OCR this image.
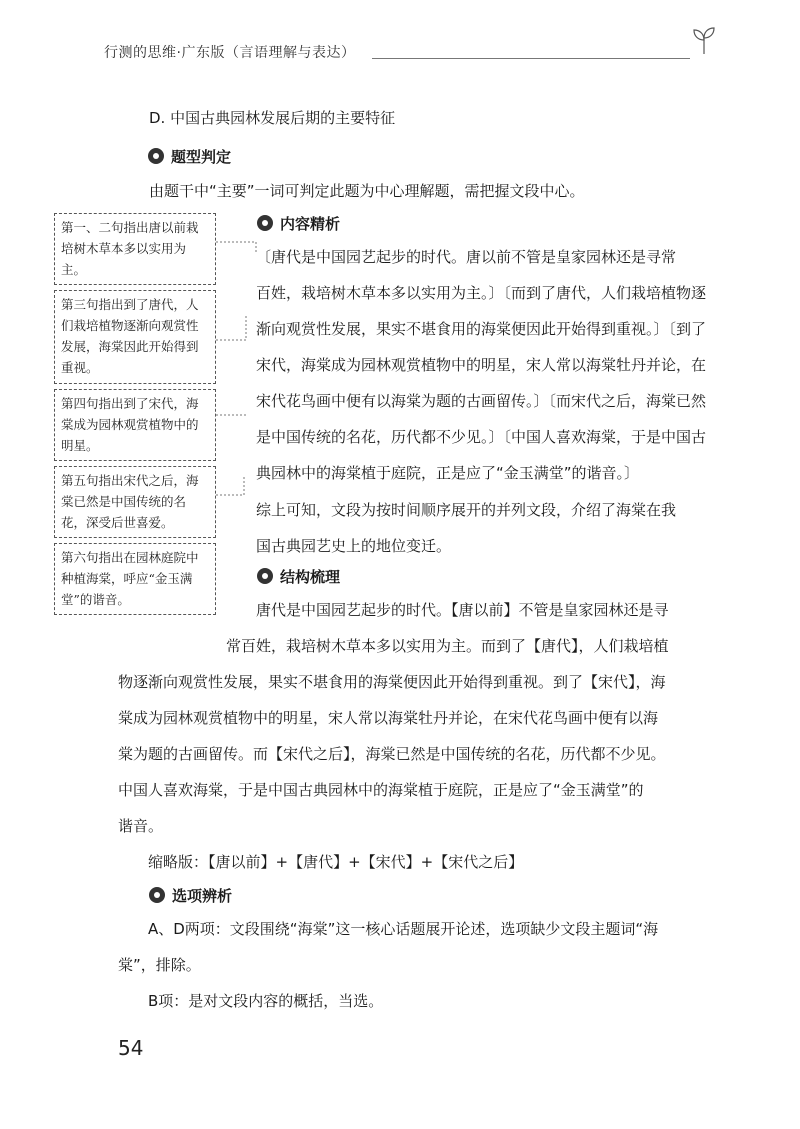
行测的思维·广东版（言语理解与表达）
D. 中国古典园林发展后期的主要特征
题型判定
由题干中“主要”一词可判定此题为中心理解题，需把握文段中心。
内容精析
〔唐代是中国园艺起步的时代。唐以前不管是皇家园林还是寻常
百姓，栽培树木草本多以实用为主。〕〔而到了唐代，人们栽培植物逐
渐向观赏性发展，果实不堪食用的海棠便因此开始得到重视。〕〔到了
宋代，海棠成为园林观赏植物中的明星，宋人常以海棠牡丹并论，在
宋代花鸟画中便有以海棠为题的古画留传。〕〔而宋代之后，海棠已然
是中国传统的名花，历代都不少见。〕〔中国人喜欢海棠，于是中国古
典园林中的海棠植于庭院，正是应了“金玉满堂”的谐音。〕
综上可知，文段为按时间顺序展开的并列文段，介绍了海棠在我
国古典园艺史上的地位变迁。
第一、二句指出唐以前栽培树木草本多以实用为主。
第三句指出到了唐代，人们栽培植物逐渐向观赏性发展，海棠因此开始得到重视。
第四句指出到了宋代，海棠成为园林观赏植物中的明星。
第五句指出宋代之后，海棠已然是中国传统的名花，深受后世喜爱。
第六句指出在园林庭院中种植海棠，呼应“金玉满堂”的谐音。
结构梳理
唐代是中国园艺起步的时代。【唐以前】不管是皇家园林还是寻
常百姓，栽培树木草本多以实用为主。而到了【唐代】，人们栽培植
物逐渐向观赏性发展，果实不堪食用的海棠便因此开始得到重视。到了【宋代】，海
棠成为园林观赏植物中的明星，宋人常以海棠牡丹并论，在宋代花鸟画中便有以海
棠为题的古画留传。而【宋代之后】，海棠已然是中国传统的名花，历代都不少见。
中国人喜欢海棠，于是中国古典园林中的海棠植于庭院，正是应了“金玉满堂”的
谐音。
缩略版：【唐以前】+【唐代】+【宋代】+【宋代之后】
选项辨析
A、D两项：文段围绕“海棠”这一核心话题展开论述，选项缺少文段主题词“海
棠”，排除。
B项：是对文段内容的概括，当选。
54
